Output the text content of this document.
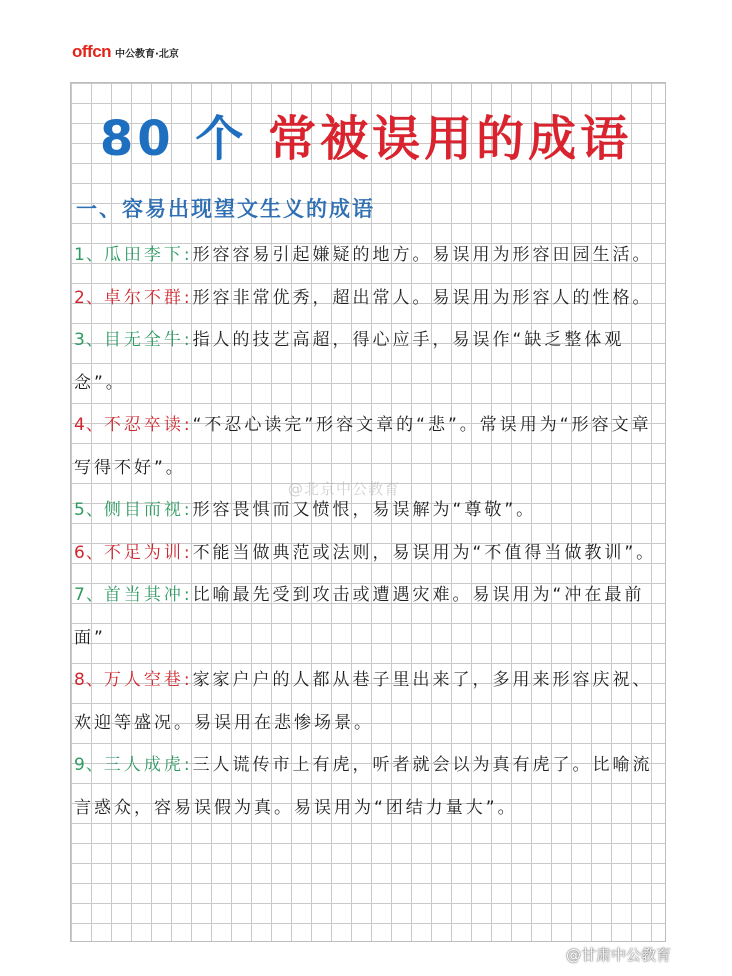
offcn 中公教育·北京
80 个 常被误用的成语
一、容易出现望文生义的成语
1、瓜田李下:形容容易引起嫌疑的地方。易误用为形容田园生活。
2、卓尔不群:形容非常优秀，超出常人。易误用为形容人的性格。
3、目无全牛:指人的技艺高超，得心应手，易误作“缺乏整体观念”。
4、不忍卒读:“不忍心读完”形容文章的“悲”。常误用为“形容文章写得不好”。
5、侧目而视:形容畏惧而又愤恨，易误解为“尊敬”。
6、不足为训:不能当做典范或法则，易误用为“不值得当做教训”。
7、首当其冲:比喻最先受到攻击或遭遇灾难。易误用为“冲在最前面”
8、万人空巷:家家户户的人都从巷子里出来了，多用来形容庆祝、欢迎等盛况。易误用在悲惨场景。
9、三人成虎:三人谎传市上有虎，听者就会以为真有虎了。比喻流言惑众，容易误假为真。易误用为“团结力量大”。
@北京中公教育
@甘肃中公教育
